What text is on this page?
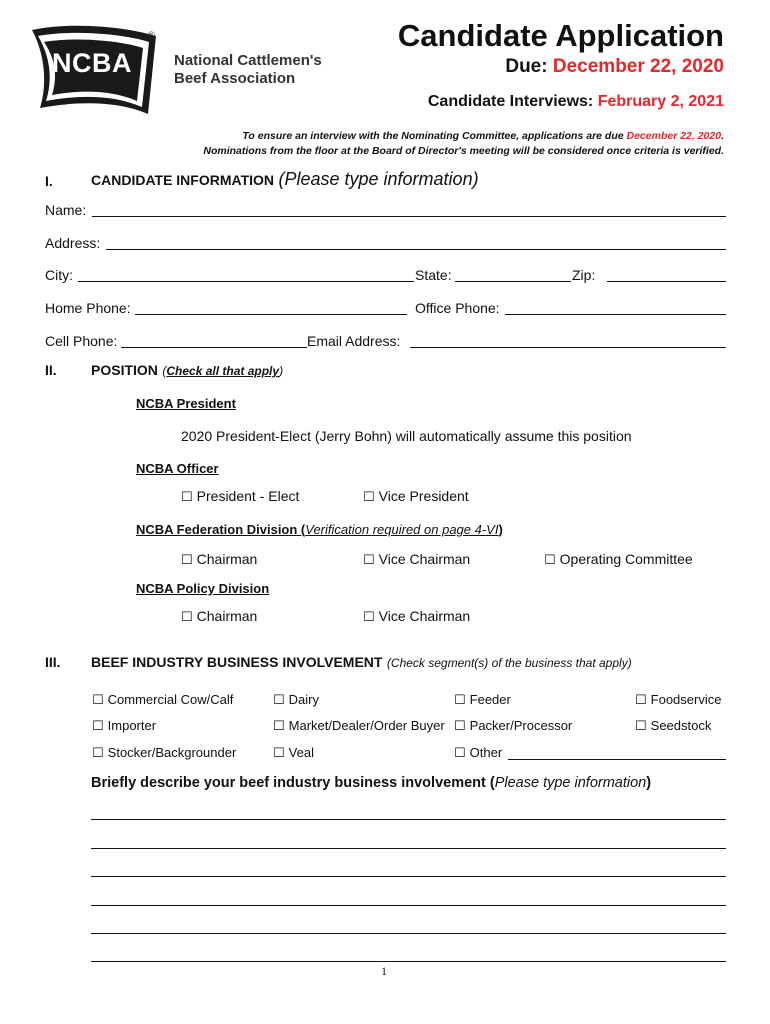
NCBA
®
National Cattlemen's
Beef Association
Candidate Application
Due: December 22, 2020
Candidate Interviews: February 2, 2021
To ensure an interview with the Nominating Committee, applications are due December 22, 2020.
Nominations from the floor at the Board of Director's meeting will be considered once criteria is verified.
I.	CANDIDATE INFORMATION (Please type information)
Name:
Address:
City:	State:	Zip:
Home Phone:	Office Phone:
Cell Phone:	Email Address:
II. POSITION (Check all that apply)
NCBA President
2020 President-Elect (Jerry Bohn) will automatically assume this position
NCBA Officer
☐ President - Elect	☐ Vice President
NCBA Federation Division (Verification required on page 4-VI)
☐ Chairman	☐ Vice Chairman	☐ Operating Committee
NCBA Policy Division
☐ Chairman	☐ Vice Chairman
III. BEEF INDUSTRY BUSINESS INVOLVEMENT (Check segment(s) of the business that apply)
☐ Commercial Cow/Calf	☐ Dairy	☐ Feeder	☐ Foodservice
☐ Importer	☐ Market/Dealer/Order Buyer	☐ Packer/Processor	☐ Seedstock
☐ Stocker/Backgrounder	☐ Veal	☐ Other
Briefly describe your beef industry business involvement (Please type information)
1
